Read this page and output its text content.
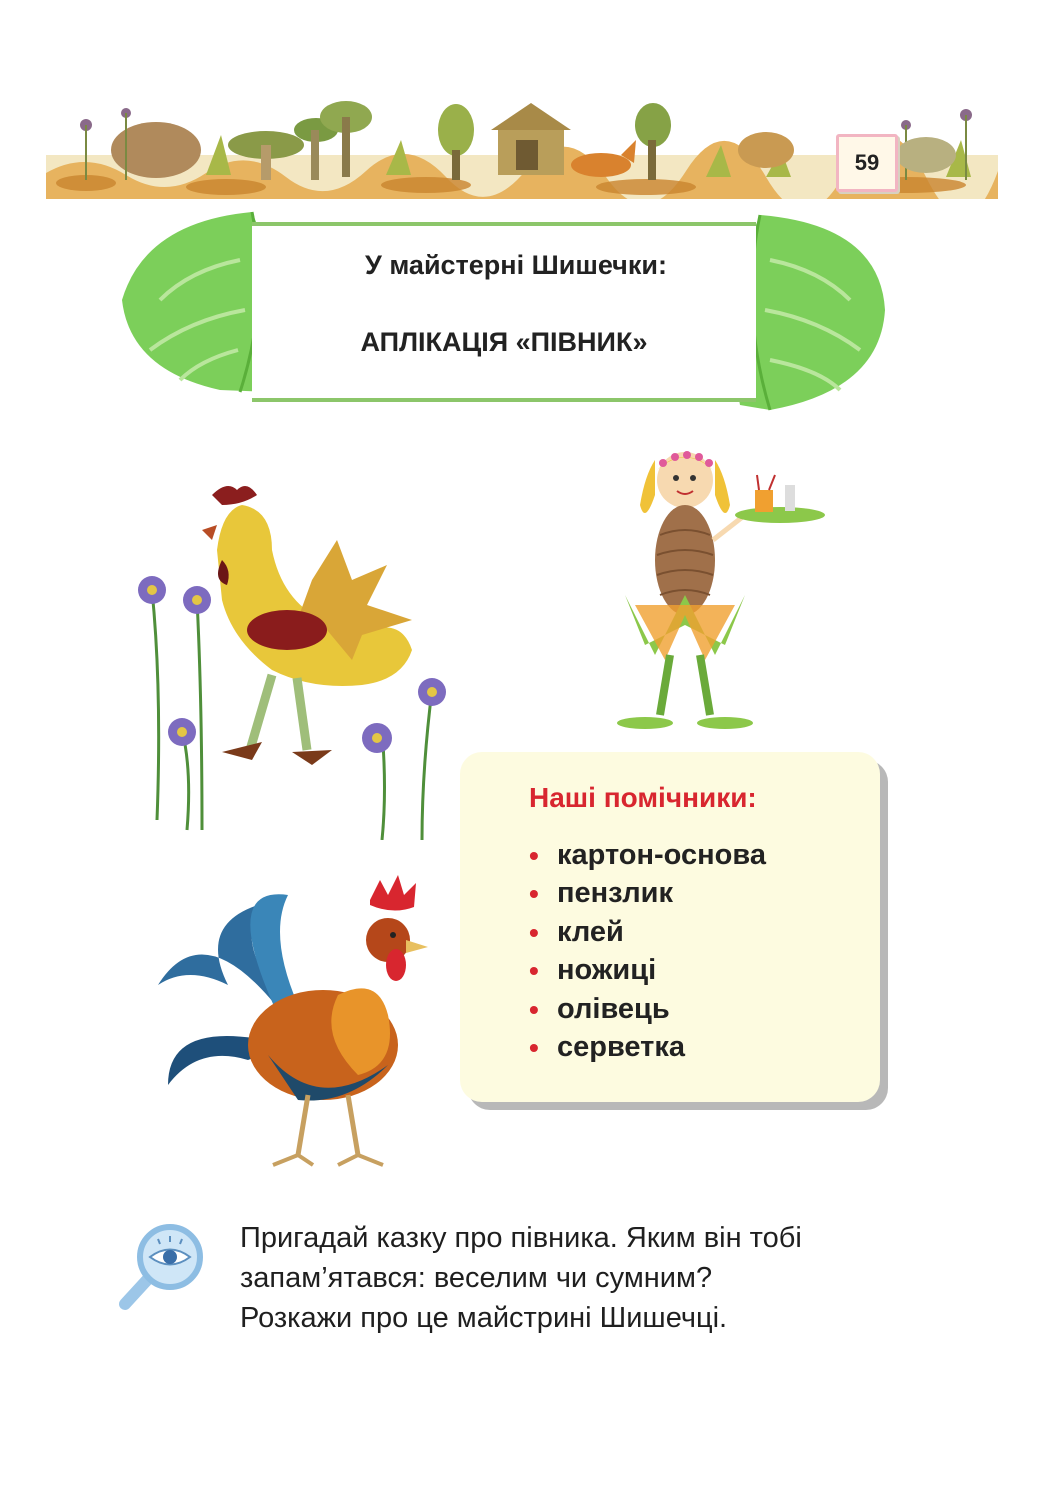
59
У майстерні Шишечки:
АПЛІКАЦІЯ «ПІВНИК»
Наші помічники:
• картон-основа
• пензлик
• клей
• ножиці
• олівець
• серветка

Пригадай казку про півника. Яким він тобі
запам’ятався: веселим чи сумним?
Розкажи про це майстрині Шишечці.
